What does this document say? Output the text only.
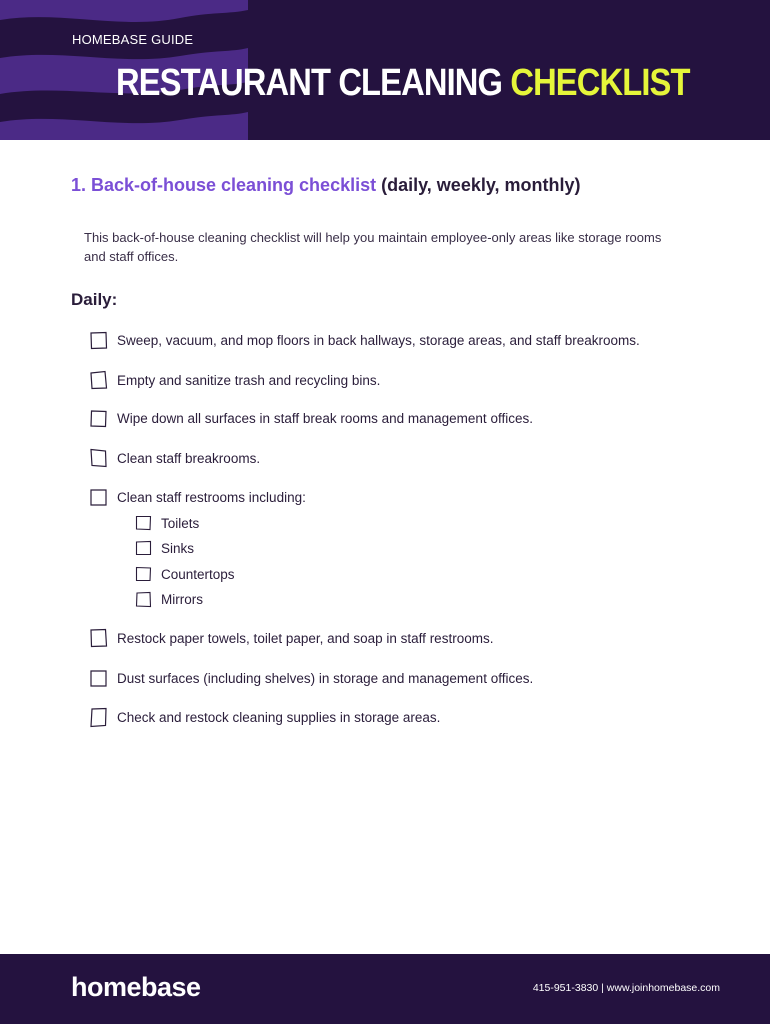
HOMEBASE GUIDE
RESTAURANT CLEANING CHECKLIST
1. Back-of-house cleaning checklist (daily, weekly, monthly)
This back-of-house cleaning checklist will help you maintain employee-only areas like storage rooms and staff offices.
Daily:
Sweep, vacuum, and mop floors in back hallways, storage areas, and staff breakrooms.
Empty and sanitize trash and recycling bins.
Wipe down all surfaces in staff break rooms and management offices.
Clean staff breakrooms.
Clean staff restrooms including:
Toilets
Sinks
Countertops
Mirrors
Restock paper towels, toilet paper, and soap in staff restrooms.
Dust surfaces (including shelves) in storage and management offices.
Check and restock cleaning supplies in storage areas.
homebase	415-951-3830 | www.joinhomebase.com
